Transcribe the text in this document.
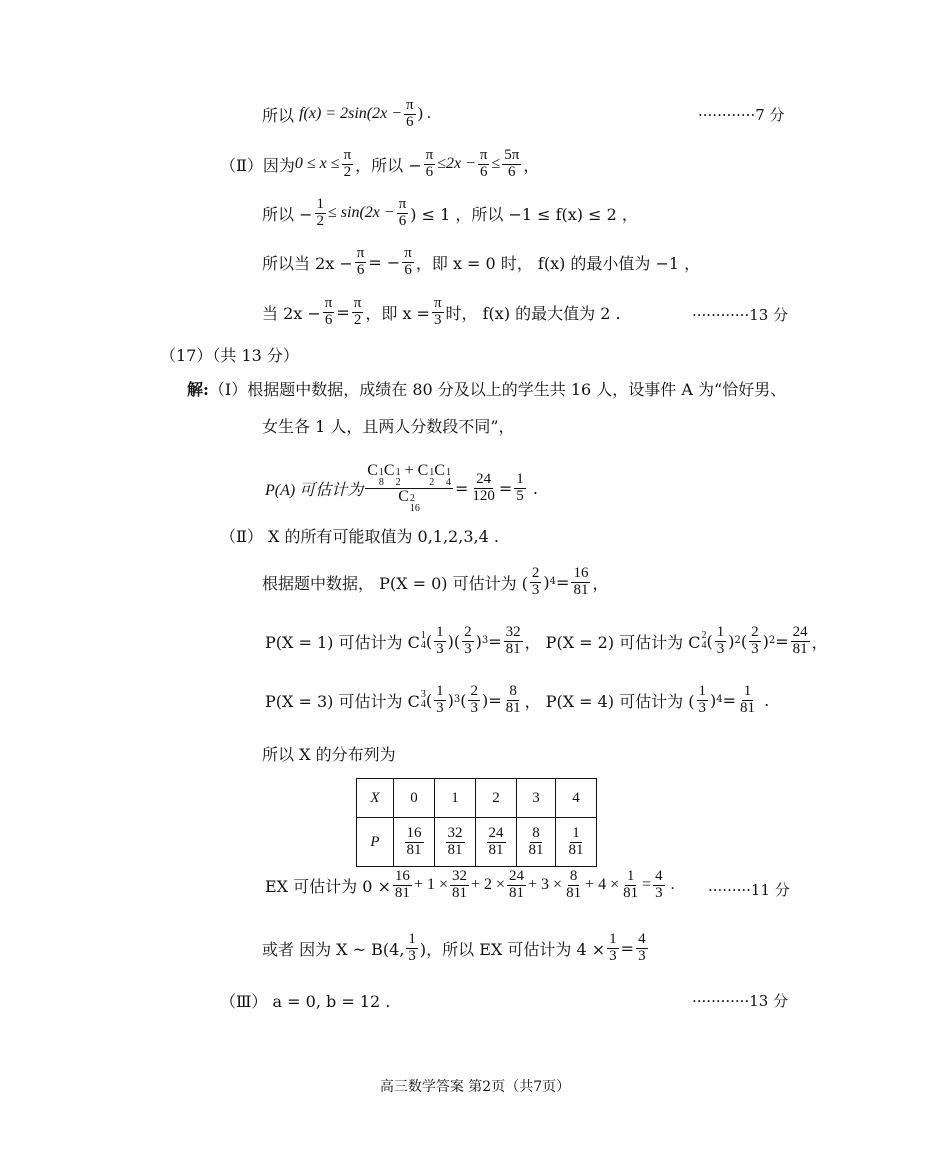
所以
$f(x) = 2\sin(2x - \frac{\pi}{6}$ ) .	············7 分
（Ⅱ）因为 $0 \le x \le \frac{\pi}{2}$ ，所以 − $\frac{\pi}{6} \le 2x - \frac{\pi}{6} \le \frac{5\pi}{6}$ ，
所以 − $\frac{1}{2} \le \sin(2x - \frac{\pi}{6}$ ) ≤ 1 ，所以 −1 ≤ f(x) ≤ 2 ，
所以当 $2x - \frac{\pi}{6}$ = − $\frac{\pi}{6}$ ，即 x = 0 时， f(x) 的最小值为 −1 ，
当 $2x - \frac{\pi}{6} = \frac{\pi}{2}$ ，即 $x = \frac{\pi}{3}$ 时， f(x) 的最大值为 2 .	············13 分
（17）（共 13 分）
解: （Ⅰ）根据题中数据，成绩在 80 分及以上的学生共 16 人，设事件 A 为“恰好男、
女生各 1 人，且两人分数段不同”，
P(A) 可估计为 C 1
8
C 1
2
+ C 1
2
C 1
4
C 2
$16 = \frac{24}{120} = \frac{1}{5}$
.
（Ⅱ） X 的所有可能取值为 0,1,2,3,4 .
根据题中数据， P(X = 0) 可估计为 ( $\frac{2}{3}$ ) $4 = \frac{16}{81}$ ，
P(X = 1) 可估计为 C 1
4 ( $\frac{1}{3}$ )( $\frac{2}{3}$ ) $3 = \frac{32}{81}$ ， P(X = 2) 可估计为 C 2
4 ( $\frac{1}{3}$ ) 2 ( $\frac{2}{3}$ ) $2 = \frac{24}{81}$ ，
P(X = 3) 可估计为 C 3
4 ( $\frac{1}{3}$ ) 3 ( $\frac{2}{3}$ ) = $\frac{8}{81}$ ， P(X = 4) 可估计为 ( $\frac{1}{3}$ ) $4 = \frac{1}{81}$
.
所以 X 的分布列为
X	0	1	2	3	4
P	$\frac{16}{81}$	$\frac{32}{81}$	$\frac{24}{81}$	$\frac{8}{81}$	$\frac{1}{81}$
EX 可估计为 $0 \times \frac{16}{81} + 1 \times \frac{32}{81} + 2 \times \frac{24}{81} + 3 \times \frac{8}{81} + 4 \times \frac{1}{81} = \frac{4}{3}$ . ·········11 分
或者 因为 X ~ B(4, $\frac{1}{3}$ )，所以 EX 可估计为 $4 \times \frac{1}{3} = \frac{4}{3}$
（Ⅲ） a = 0, b = 12 .	············13 分
高三数学答案 第2页（共7页）
